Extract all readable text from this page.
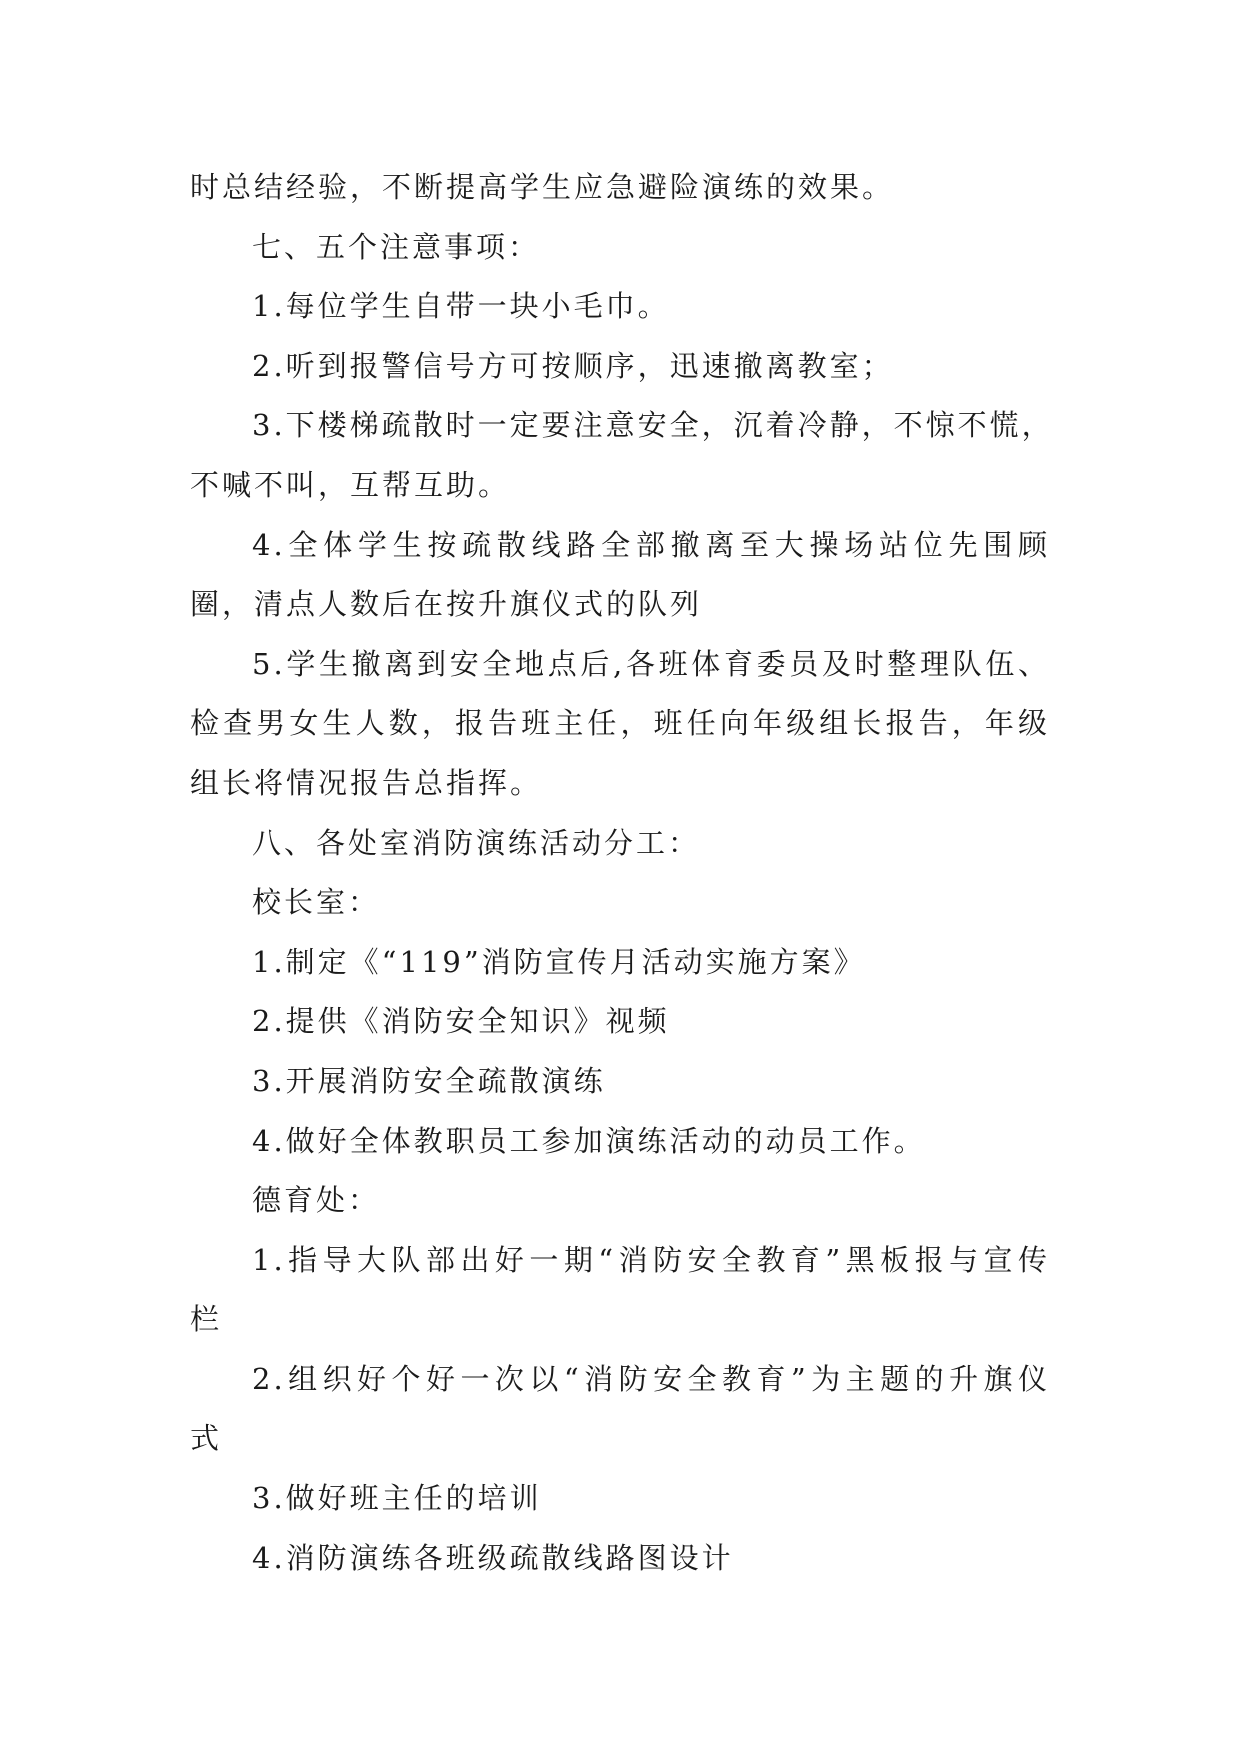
时总结经验，不断提高学生应急避险演练的效果。
七、五个注意事项：
1.每位学生自带一块小毛巾。
2.听到报警信号方可按顺序，迅速撤离教室；
3.下楼梯疏散时一定要注意安全，沉着冷静，不惊不慌，
不喊不叫，互帮互助。
4.全体学生按疏散线路全部撤离至大操场站位先围顾
圈，清点人数后在按升旗仪式的队列
5.学生撤离到安全地点后,各班体育委员及时整理队伍、
检查男女生人数，报告班主任，班任向年级组长报告，年级
组长将情况报告总指挥。
八、各处室消防演练活动分工：
校长室：
1.制定《“119”消防宣传月活动实施方案》
2.提供《消防安全知识》视频
3.开展消防安全疏散演练
4.做好全体教职员工参加演练活动的动员工作。
德育处：
1.指导大队部出好一期“消防安全教育”黑板报与宣传
栏
2.组织好个好一次以“消防安全教育”为主题的升旗仪
式
3.做好班主任的培训
4.消防演练各班级疏散线路图设计
